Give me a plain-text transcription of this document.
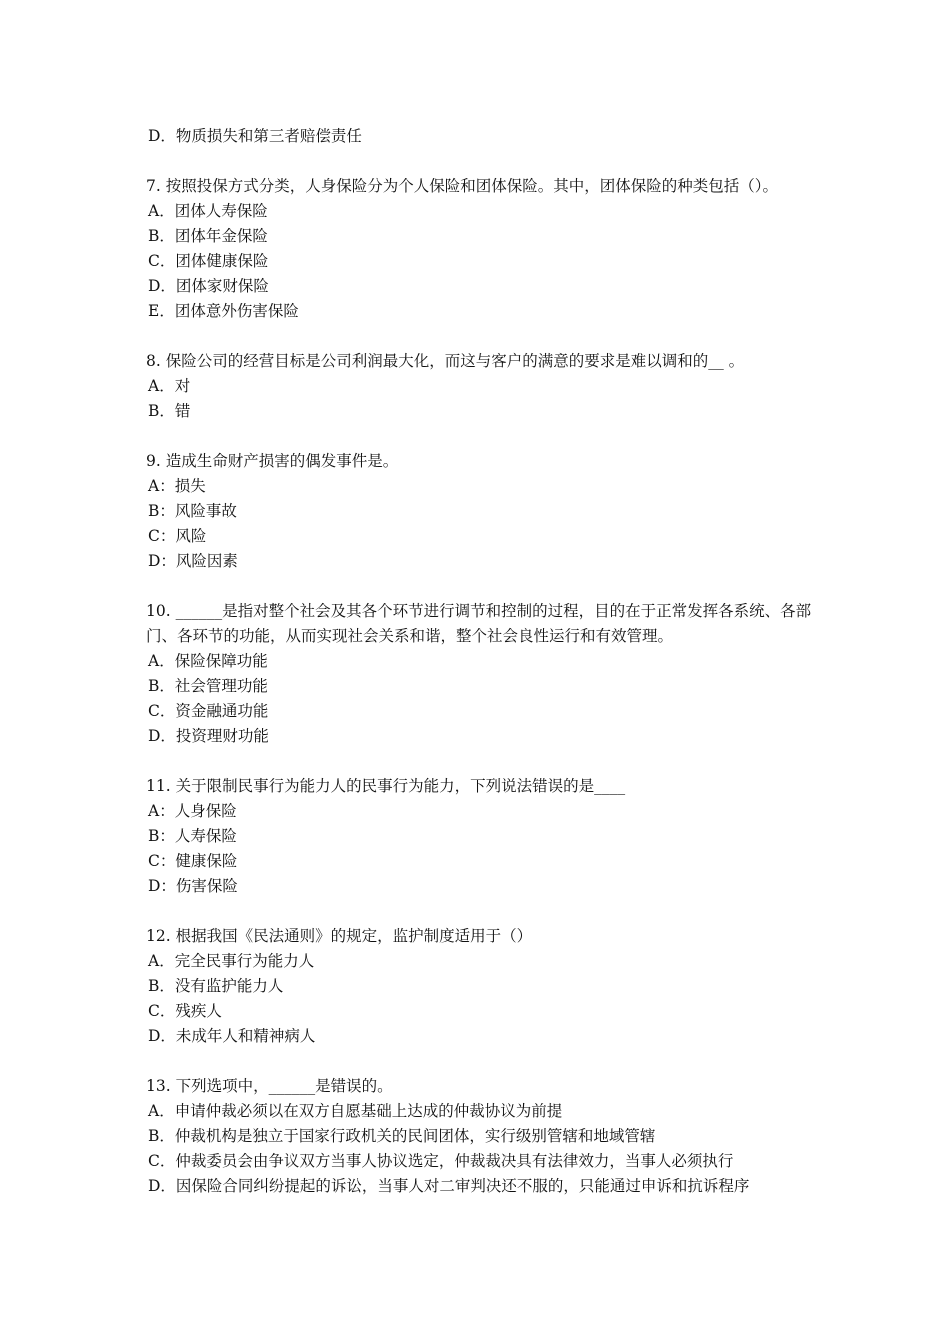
D．物质损失和第三者赔偿责任
7. 按照投保方式分类，人身保险分为个人保险和团体保险。其中，团体保险的种类包括（）。
A．团体人寿保险
B．团体年金保险
C．团体健康保险
D．团体家财保险
E．团体意外伤害保险
8. 保险公司的经营目标是公司利润最大化，而这与客户的满意的要求是难以调和的__ 。
A．对
B．错
9. 造成生命财产损害的偶发事件是。
A：损失
B：风险事故
C：风险
D：风险因素
10. ______是指对整个社会及其各个环节进行调节和控制的过程，目的在于正常发挥各系统、各部门、各环节的功能，从而实现社会关系和谐，整个社会良性运行和有效管理。
A．保险保障功能
B．社会管理功能
C．资金融通功能
D．投资理财功能
11. 关于限制民事行为能力人的民事行为能力，下列说法错误的是____
A：人身保险
B：人寿保险
C：健康保险
D：伤害保险
12. 根据我国《民法通则》的规定，监护制度适用于（）
A．完全民事行为能力人
B．没有监护能力人
C．残疾人
D．未成年人和精神病人
13. 下列选项中，______是错误的。
A．申请仲裁必须以在双方自愿基础上达成的仲裁协议为前提
B．仲裁机构是独立于国家行政机关的民间团体，实行级别管辖和地域管辖
C．仲裁委员会由争议双方当事人协议选定，仲裁裁决具有法律效力，当事人必须执行
D．因保险合同纠纷提起的诉讼，当事人对二审判决还不服的，只能通过申诉和抗诉程序
